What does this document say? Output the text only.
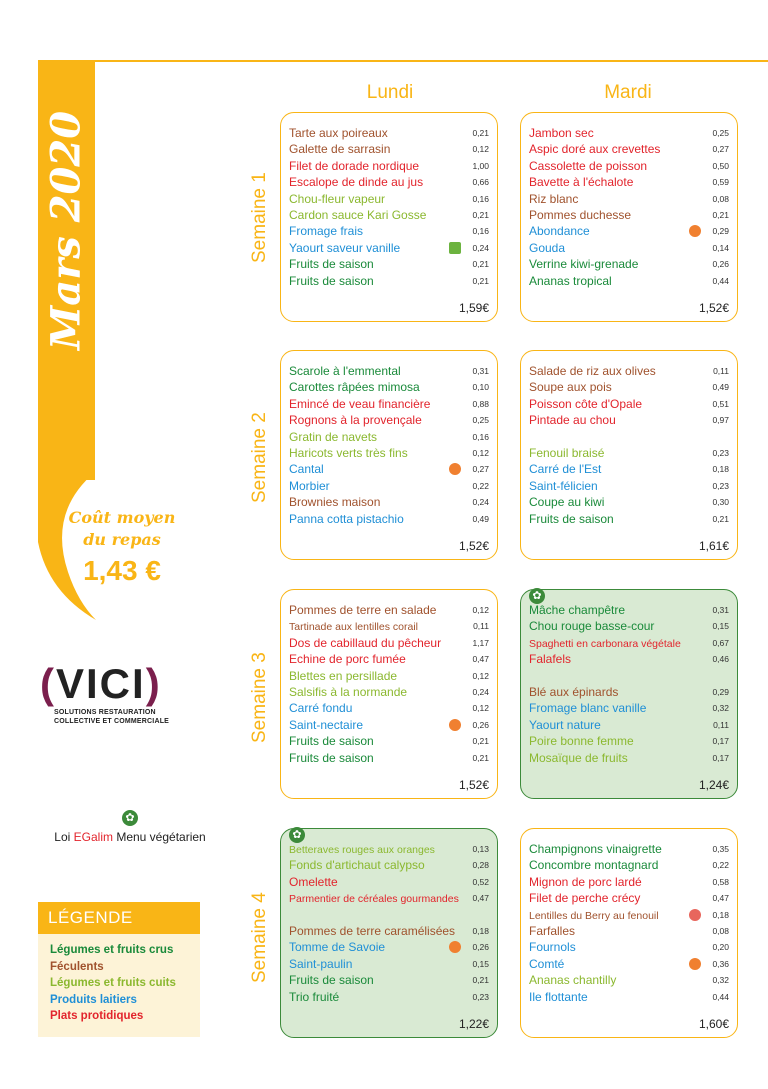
Mars 2020
Coût moyen
du repas
1,43 €
(VICI)
SOLUTIONS RESTAURATION
COLLECTIVE ET COMMERCIALE
✿
Loi EGalim Menu végétarien
LÉGENDE
Légumes et fruits crus
Féculents
Légumes et fruits cuits
Produits laitiers
Plats protidiques
Lundi	Mardi
Semaine 1
Semaine 2
Semaine 3
Semaine 4
Tarte aux poireaux	0,21
Galette de sarrasin	0,12
Filet de dorade nordique	1,00
Escalope de dinde au jus	0,66
Chou-fleur vapeur	0,16
Cardon sauce Kari Gosse	0,21
Fromage frais	0,16
Yaourt saveur vanille	0,24
Fruits de saison	0,21
Fruits de saison	0,21
1,59€
Jambon sec	0,25
Aspic doré aux crevettes	0,27
Cassolette de poisson	0,50
Bavette à l'échalote	0,59
Riz blanc	0,08
Pommes duchesse	0,21
Abondance	0,29
Gouda	0,14
Verrine kiwi-grenade	0,26
Ananas tropical	0,44
1,52€
Scarole à l'emmental	0,31
Carottes râpées mimosa	0,10
Emincé de veau financière	0,88
Rognons à la provençale	0,25
Gratin de navets	0,16
Haricots verts très fins	0,12
Cantal	0,27
Morbier	0,22
Brownies maison	0,24
Panna cotta pistachio	0,49
1,52€
Salade de riz aux olives	0,11
Soupe aux pois	0,49
Poisson côte d'Opale	0,51
Pintade au chou	0,97
Fenouil braisé	0,23
Carré de l'Est	0,18
Saint-félicien	0,23
Coupe au kiwi	0,30
Fruits de saison	0,21
1,61€
Pommes de terre en salade	0,12
Tartinade aux lentilles corail	0,11
Dos de cabillaud du pêcheur	1,17
Echine de porc fumée	0,47
Blettes en persillade	0,12
Salsifis à la normande	0,24
Carré fondu	0,12
Saint-nectaire	0,26
Fruits de saison	0,21
Fruits de saison	0,21
1,52€
✿
Mâche champêtre	0,31
Chou rouge basse-cour	0,15
Spaghetti en carbonara végétale	0,67
Falafels	0,46
Blé aux épinards	0,29
Fromage blanc vanille	0,32
Yaourt nature	0,11
Poire bonne femme	0,17
Mosaïque de fruits	0,17
1,24€
✿
Betteraves rouges aux oranges	0,13
Fonds d'artichaut calypso	0,28
Omelette	0,52
Parmentier de céréales gourmandes 0,47
Pommes de terre caramélisées 0,18
Tomme de Savoie	0,26
Saint-paulin	0,15
Fruits de saison	0,21
Trio fruité	0,23
1,22€
Champignons vinaigrette	0,35
Concombre montagnard	0,22
Mignon de porc lardé	0,58
Filet de perche crécy	0,47
Lentilles du Berry au fenouil	0,18
Farfalles	0,08
Fournols	0,20
Comté	0,36
Ananas chantilly	0,32
Ile flottante	0,44
1,60€
